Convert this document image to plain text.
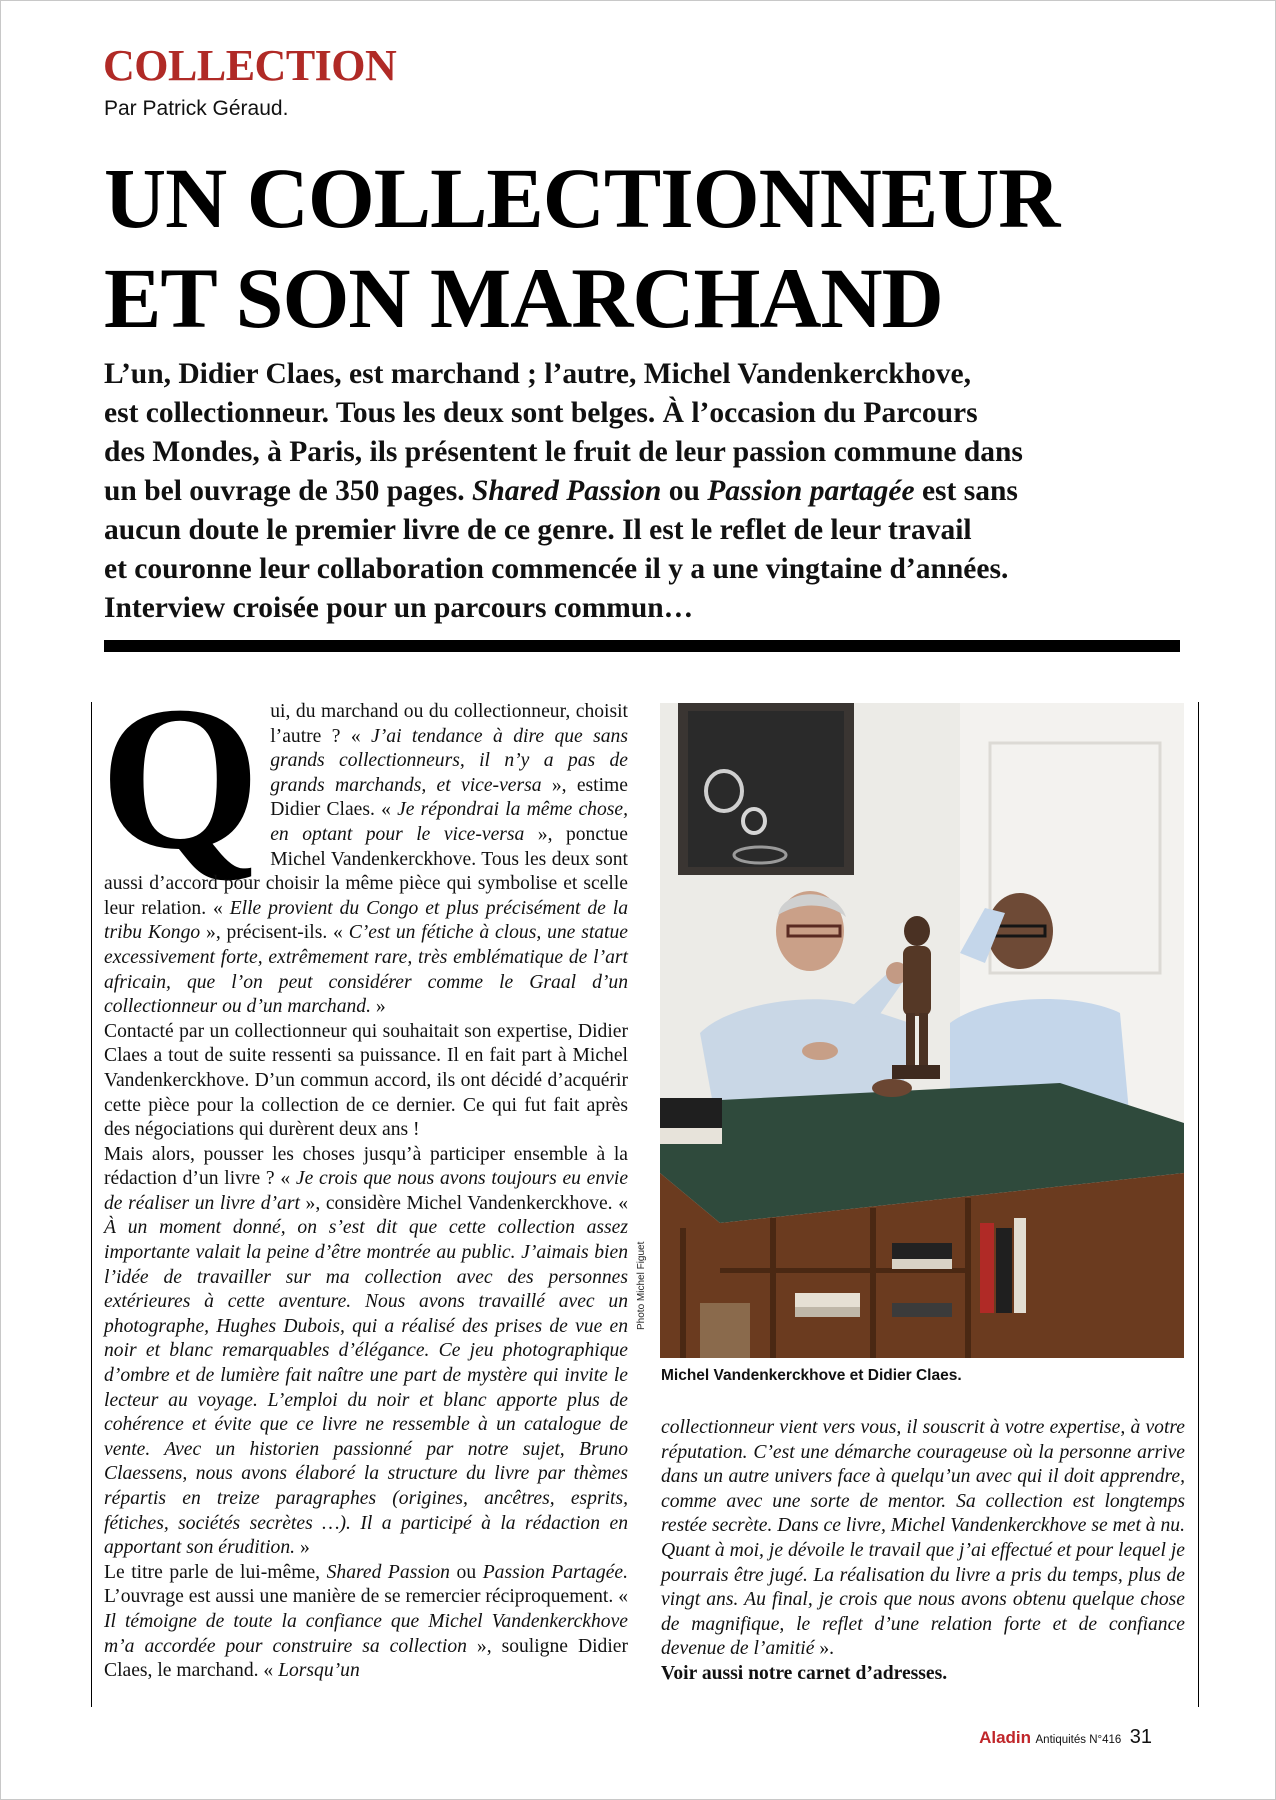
COLLECTION
Par Patrick Géraud.
UN COLLECTIONNEUR
ET SON MARCHAND
L’un, Didier Claes, est marchand ; l’autre, Michel Vandenkerckhove,
est collectionneur. Tous les deux sont belges. À l’occasion du Parcours
des Mondes, à Paris, ils présentent le fruit de leur passion commune dans
un bel ouvrage de 350 pages. Shared Passion ou Passion partagée est sans
aucun doute le premier livre de ce genre. Il est le reflet de leur travail
et couronne leur collaboration commencée il y a une vingtaine d’années.
Interview croisée pour un parcours commun…
Q ui, du marchand ou du collectionneur, choisit l’autre ? « J’ai tendance à dire que sans grands collectionneurs, il n’y a pas de grands marchands, et vice-versa », estime Didier Claes. « Je répondrai la même chose, en optant pour le vice-versa », ponctue Michel Vandenkerckhove. Tous les deux sont aussi d’accord pour choisir la même pièce qui symbolise et scelle leur relation. « Elle provient du Congo et plus précisément de la tribu Kongo », précisent-ils. « C’est un fétiche à clous, une statue excessivement forte, extrêmement rare, très emblématique de l’art africain, que l’on peut considérer comme le Graal d’un collectionneur ou d’un marchand. »

Contacté par un collectionneur qui souhaitait son expertise, Didier Claes a tout de suite ressenti sa puissance. Il en fait part à Michel Vandenkerckhove. D’un commun accord, ils ont décidé d’acquérir cette pièce pour la collection de ce dernier. Ce qui fut fait après des négociations qui durèrent deux ans !

Mais alors, pousser les choses jusqu’à participer ensemble à la rédaction d’un livre ? « Je crois que nous avons toujours eu envie de réaliser un livre d’art », considère Michel Vandenkerckhove. « À un moment donné, on s’est dit que cette collection assez importante valait la peine d’être montrée au public. J’aimais bien l’idée de travailler sur ma collection avec des personnes extérieures à cette aventure. Nous avons travaillé avec un photographe, Hughes Dubois, qui a réalisé des prises de vue en noir et blanc remarquables d’élégance. Ce jeu photographique d’ombre et de lumière fait naître une part de mystère qui invite le lecteur au voyage. L’emploi du noir et blanc apporte plus de cohérence et évite que ce livre ne ressemble à un catalogue de vente. Avec un historien passionné par notre sujet, Bruno Claessens, nous avons élaboré la structure du livre par thèmes répartis en treize paragraphes (origines, ancêtres, esprits, fétiches, sociétés secrètes …). Il a participé à la rédaction en apportant son érudition. »

Le titre parle de lui-même, Shared Passion ou Passion Partagée. L’ouvrage est aussi une manière de se remercier réciproquement. « Il témoigne de toute la confiance que Michel Vandenkerckhove m’a accordée pour construire sa collection », souligne Didier Claes, le marchand. « Lorsqu’un

Photo Michel Figuet
Michel Vandenkerckhove et Didier Claes.

collectionneur vient vers vous, il souscrit à votre expertise, à votre réputation. C’est une démarche courageuse où la personne arrive dans un autre univers face à quelqu’un avec qui il doit apprendre, comme avec une sorte de mentor. Sa collection est longtemps restée secrète. Dans ce livre, Michel Vandenkerckhove se met à nu. Quant à moi, je dévoile le travail que j’ai effectué et pour lequel je pourrais être jugé. La réalisation du livre a pris du temps, plus de vingt ans. Au final, je crois que nous avons obtenu quelque chose de magnifique, le reflet d’une relation forte et de confiance devenue de l’amitié ».

Voir aussi notre carnet d’adresses.

Aladin Antiquités N°416 31
